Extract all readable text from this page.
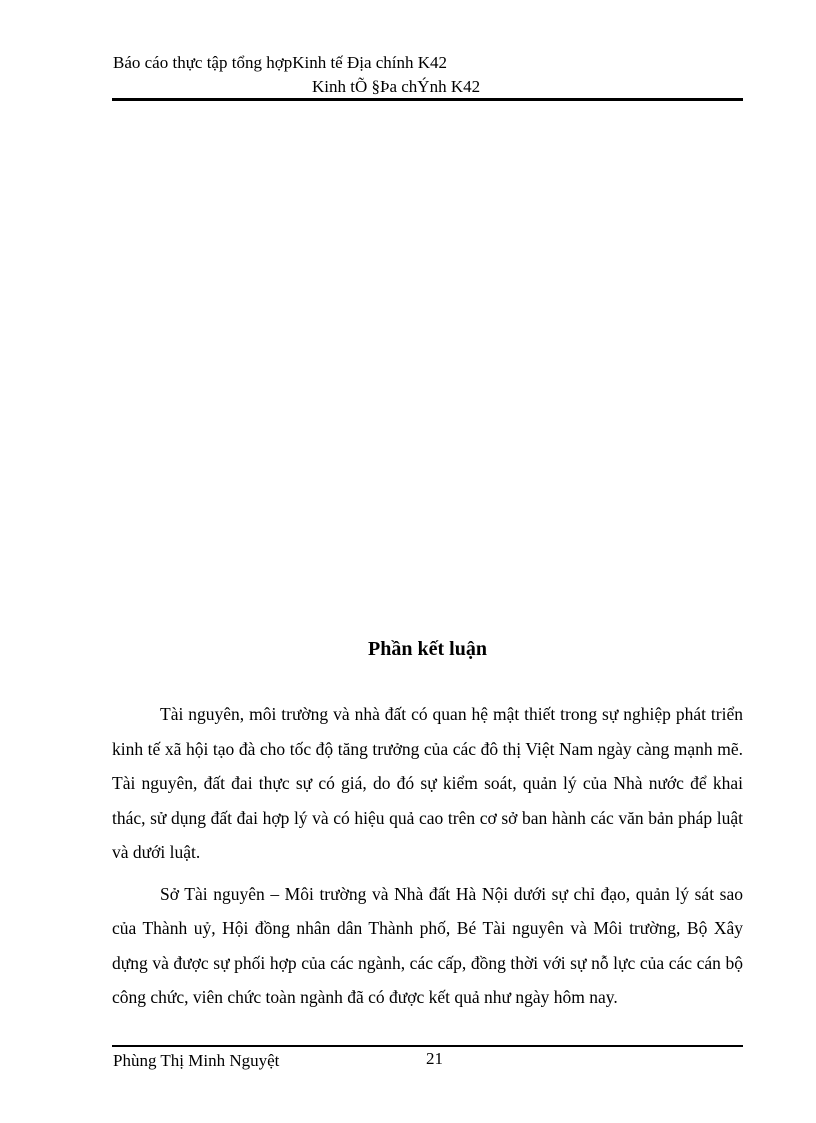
Báo cáo thực tập tổng hợpKinh tế Địa chính K42
Kinh tÕ §Þa chÝnh K42
Phần kết luận

Tài nguyên, môi trường và nhà đất có quan hệ mật thiết trong sự nghiệp phát triển kinh tế xã hội tạo đà cho tốc độ tăng trưởng của các đô thị Việt Nam ngày càng mạnh mẽ. Tài nguyên, đất đai thực sự có giá, do đó sự kiểm soát, quản lý của Nhà nước để khai thác, sử dụng đất đai hợp lý và có hiệu quả cao trên cơ sở ban hành các văn bản pháp luật và dưới luật.

Sở Tài nguyên – Môi trường và Nhà đất Hà Nội dưới sự chỉ đạo, quản lý sát sao của Thành uỷ, Hội đồng nhân dân Thành phố, Bé Tài nguyên và Môi trường, Bộ Xây dựng và được sự phối hợp của các ngành, các cấp, đồng thời với sự nỗ lực của các cán bộ công chức, viên chức toàn ngành đã có được kết quả như ngày hôm nay.

Phùng Thị Minh Nguyệt	21
